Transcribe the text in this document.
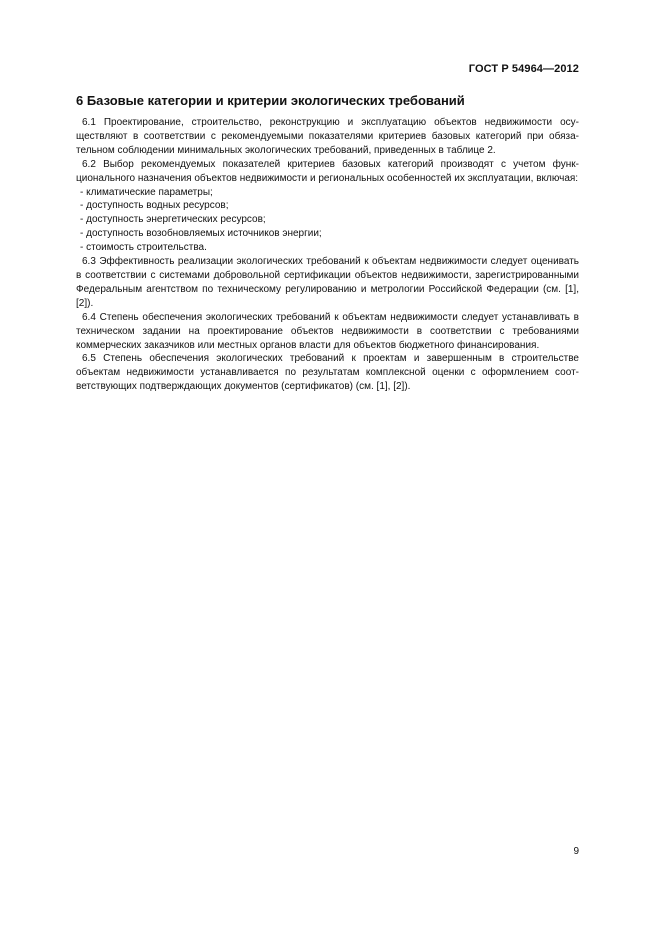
ГОСТ Р 54964—2012
6 Базовые категории и критерии экологических требований

6.1 Проектирование, строительство, реконструкцию и эксплуатацию объектов недвижимости осуществляют в соответствии с рекомендуемыми показателями критериев базовых категорий при обязательном соблюдении минимальных экологических требований, приведенных в таблице 2.

6.2 Выбор рекомендуемых показателей критериев базовых категорий производят с учетом функционального назначения объектов недвижимости и региональных особенностей их эксплуатации, включая:

- климатические параметры;
- доступность водных ресурсов;
- доступность энергетических ресурсов;
- доступность возобновляемых источников энергии;
- стоимость строительства.

6.3 Эффективность реализации экологических требований к объектам недвижимости следует оценивать в соответствии с системами добровольной сертификации объектов недвижимости, зарегистрированными Федеральным агентством по техническому регулированию и метрологии Российской Федерации (см. [1], [2]).

6.4 Степень обеспечения экологических требований к объектам недвижимости следует устанавливать в техническом задании на проектирование объектов недвижимости в соответствии с требованиями коммерческих заказчиков или местных органов власти для объектов бюджетного финансирования.

6.5 Степень обеспечения экологических требований к проектам и завершенным в строительстве объектам недвижимости устанавливается по результатам комплексной оценки с оформлением соответствующих подтверждающих документов (сертификатов) (см. [1], [2]).

9
